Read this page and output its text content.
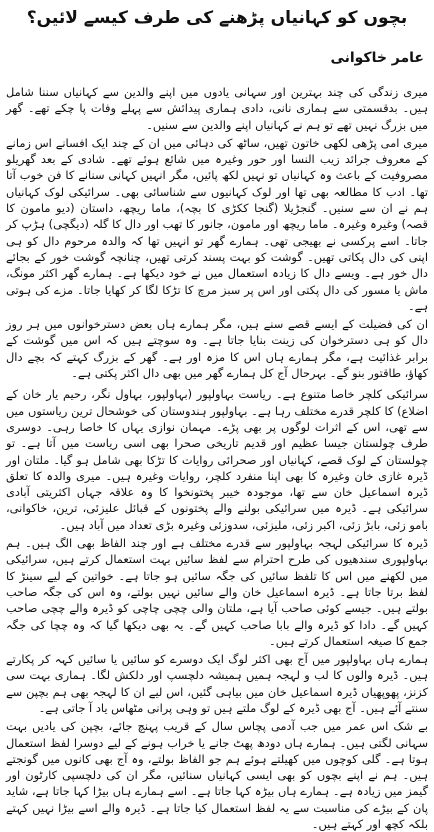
بچوں کو کہانیاں پڑھنے کی طرف کیسے لائیں؟
عامر خاکوانی

میری زندگی کی چند بہترین اور سہانی یادوں میں اپنے والدین سے کہانیاں سننا شامل ہیں۔ بدقسمتی سے ہماری نانی، دادی ہماری پیدائش سے پہلے وفات پا چکے تھے۔ گھر میں بزرگ نہیں تھے تو ہم نے کہانیاں اپنے والدین سے سنیں۔

میری امی پڑھی لکھی خاتون تھیں، ساٹھ کی دہائی میں ان کے چند ایک افسانے اس زمانے کے معروف جرائد زیب النسا اور حور وغیرہ میں شائع ہوئے تھے۔ شادی کے بعد گھریلو مصروفیت کے باعث وہ کہانیاں تو نہیں لکھ پائیں، مگر انہیں کہانی سنانے کا فن خوب آتا تھا۔ ادب کا مطالعہ بھی تھا اور لوک کہانیوں سے شناسائی بھی۔ سرائیکی لوک کہانیاں ہم نے ان سے سنیں۔ گنجڑیلا (گنجا ککڑی کا بچہ)، ماما ریچھ، داستان (دیو مامون کا قصہ) وغیرہ وغیرہ۔ ماما ریچھ اور مامون، جانور کا تھب اور دال کا گلہ (دیگچی) ہڑپ کر جاتا۔ اسے پرکسی نے بھیجی تھی۔ ہمارے گھر تو انہیں تھا کہ والدہ مرحوم دال کو ہی اپنی کی دال پکاتی تھیں۔ گوشت کو بہت پسند کرتی تھیں، چنانچہ گوشت خور کے بجائے دال خور ہے۔ ویسے دال کا زیادہ استعمال میں نے خود دیکھا ہے۔ ہمارے گھر اکثر مونگ، ماش یا مسور کی دال پکتی اور اس پر سبز مرچ کا تڑکا لگا کر کھایا جاتا۔ مزے کی ہوتی ہے۔

ان کی فضیلت کے ایسے قصے سنے ہیں، مگر ہمارے ہاں بعض دسترخوانوں میں ہر روز دال کو ہی دسترخوان کی زینت بنایا جاتا ہے۔ وہ سوچتے ہیں کہ اس میں گوشت کے برابر غذائیت ہے، مگر ہمارے ہاں اس کا مزہ اور ہے۔ گھر کے بزرگ کہتے کہ بچے دال کھاؤ، طاقتور بنو گے۔ بہرحال آج کل ہمارے گھر میں بھی دال اکثر پکتی ہے۔

سرائیکی کلچر خاصا متنوع ہے۔ ریاست بہاولپور (بہاولپور، بہاول نگر، رحیم یار خان کے اضلاع) کا کلچر قدرے مختلف رہا ہے۔ بہاولپور ہندوستان کی خوشحال ترین ریاستوں میں سے تھی، اس کے اثرات لوگوں پر بھی پڑے۔ مہمان نوازی یہاں کا خاصا رہی۔ دوسری طرف چولستان جیسا عظیم اور قدیم تاریخی صحرا بھی اسی ریاست میں آتا ہے۔ تو چولستان کے لوک قصے، کہانیاں اور صحرائی روایات کا تڑکا بھی شامل ہو گیا۔ ملتان اور ڈیرہ غازی خان وغیرہ کا بھی اپنا منفرد کلچر، روایات وغیرہ ہیں۔ میری والدہ کا تعلق ڈیرہ اسماعیل خان سے تھا، موجودہ خیبر پختونخوا کا وہ علاقہ جہاں اکثریتی آبادی سرائیکی ہے۔ ڈیرہ میں سرائیکی بولنے والے پختونوں کے قبائل علیزئی، ترین، خاکوانی، بامو زئی، بابڑ زئی، اکبر زئی، ملیزئی، سدوزئی وغیرہ بڑی تعداد میں آباد ہیں۔

ڈیرہ کا سرائیکی لہجہ بہاولپور سے قدرے مختلف ہے اور چند الفاظ بھی الگ ہیں۔ ہم بہاولپوری سندھیوں کی طرح احترام سے لفظ سائیں بہت استعمال کرتے ہیں، سرائیکی میں لکھنے میں اس کا تلفظ سائیں کی جگہ سائیں ہو جاتا ہے۔ خواتین کے لیے سینڑ کا لفظ برتا جاتا ہے۔ ڈیرہ اسماعیل خان والے سائیں نہیں بولتے، وہ اس کی جگہ صاحب بولتے ہیں۔ جیسے کوئی صاحب آیا ہے، ملتان والی چچی چاچی کو ڈیرہ والے چچی صاحب کہیں گے۔ دادا کو ڈیرہ والے بابا صاحب کہیں گے۔ یہ بھی دیکھا گیا کہ وہ چچا کی جگہ جمع کا صیغہ استعمال کرتے ہیں۔

ہمارے ہاں بہاولپور میں آج بھی اکثر لوگ ایک دوسرے کو سائیں یا سائیں کہہ کر پکارتے ہیں۔ ڈیرہ والوں کا لب و لہجہ ہمیں ہمیشہ دلچسپ اور دلکش لگا۔ ہماری بہت سی کزنز، پھوپھیاں ڈیرہ اسماعیل خان میں بیاہی گئیں، اس لیے ان کا لہجہ بھی ہم بچپن سے سنتے آئے ہیں۔ آج بھی ڈیرہ کے لوگ ملتے ہیں تو وہی پرانی مٹھاس یاد آ جاتی ہے۔

بے شک اس عمر میں جب آدمی پچاس سال کے قریب پہنچ جائے، بچپن کی یادیں بہت سہانی لگتی ہیں۔ ہمارے ہاں دودھ پھٹ جانے یا خراب ہونے کے لیے دوسرا لفظ استعمال ہوتا ہے۔ گلی کوچوں میں کھیلتے ہوئے ہم جو الفاظ بولتے، وہ آج بھی کانوں میں گونجتے ہیں۔ ہم نے اپنے بچوں کو بھی ایسی کہانیاں سنائیں، مگر ان کی دلچسپی کارٹون اور گیمز میں زیادہ ہے۔ ہمارے ہاں بیڑہ کہا جاتا ہے۔ اسے ہمارے ہاں بیڑا کہا جاتا ہے، شاید پان کے بیڑے کی مناسبت سے یہ لفظ استعمال کیا جاتا ہے۔ ڈیرہ والے اسے بیڑا نہیں کہتے بلکہ کچھ اور کہتے ہیں۔
